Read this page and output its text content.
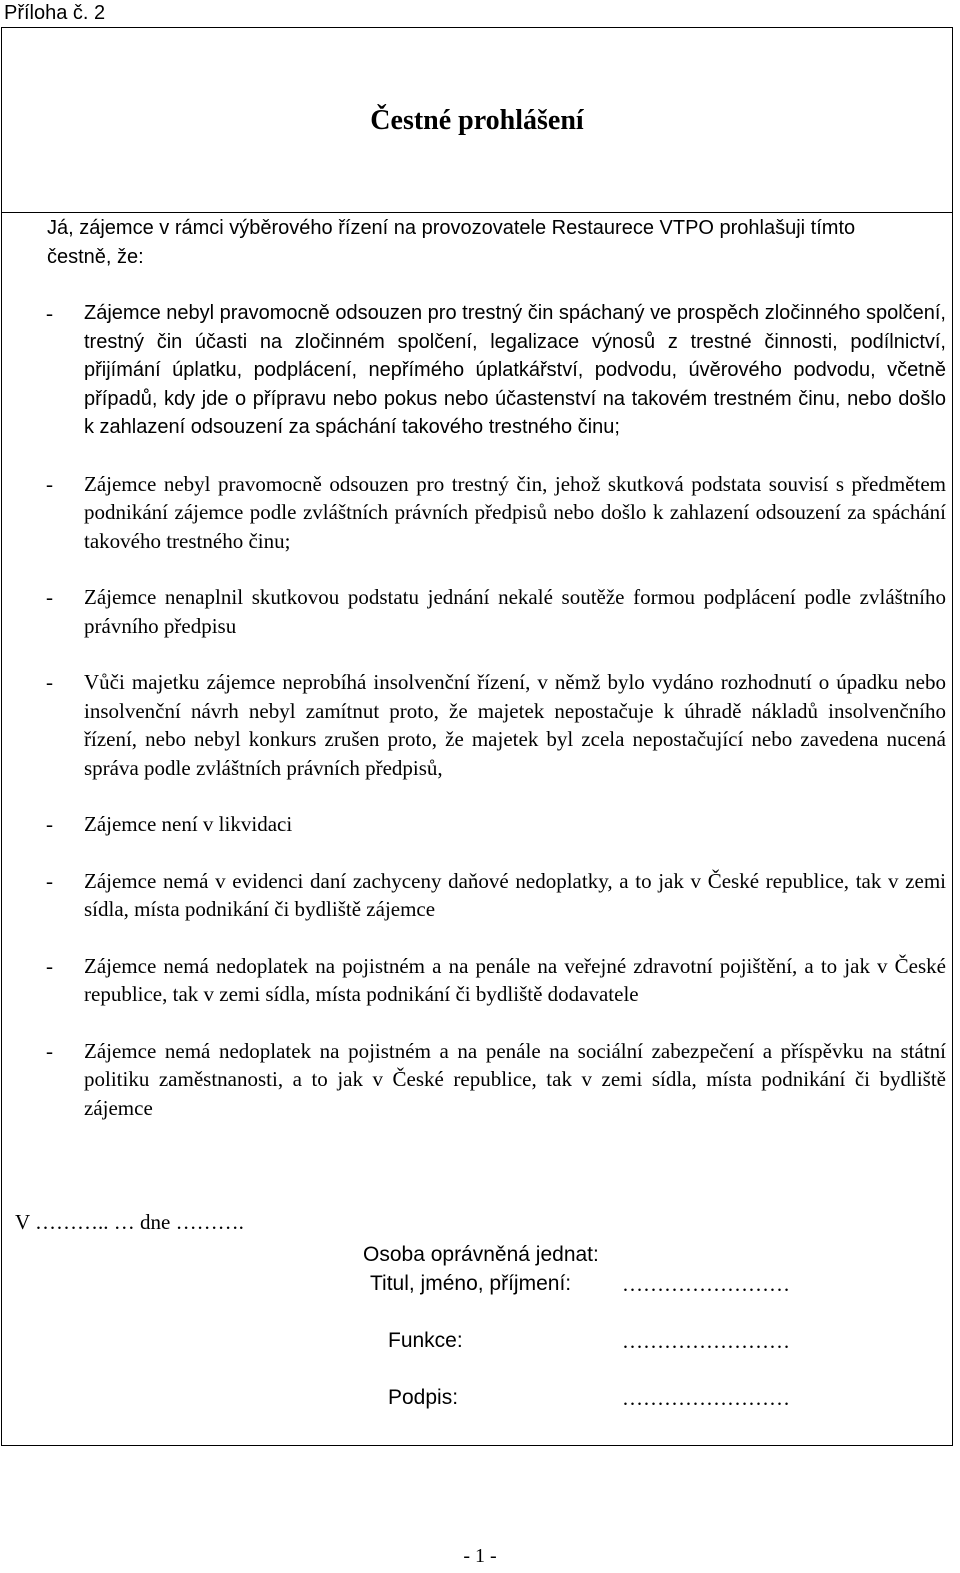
Příloha č. 2
Čestné prohlášení
Já, zájemce v rámci výběrového řízení na provozovatele Restaurece VTPO prohlašuji tímto čestně, že:
-	Zájemce nebyl pravomocně odsouzen pro trestný čin spáchaný ve prospěch zločinného spolčení, trestný čin účasti na zločinném spolčení, legalizace výnosů z trestné činnosti, podílnictví, přijímání úplatku, podplácení, nepřímého úplatkářství, podvodu, úvěrového podvodu, včetně případů, kdy jde o přípravu nebo pokus nebo účastenství na takovém trestném činu, nebo došlo k zahlazení odsouzení za spáchání takového trestného činu;
-	Zájemce nebyl pravomocně odsouzen pro trestný čin, jehož skutková podstata souvisí s předmětem podnikání zájemce podle zvláštních právních předpisů nebo došlo k zahlazení odsouzení za spáchání takového trestného činu;
-	Zájemce nenaplnil skutkovou podstatu jednání nekalé soutěže formou podplácení podle zvláštního právního předpisu
-	Vůči majetku zájemce neprobíhá insolvenční řízení, v němž bylo vydáno rozhodnutí o úpadku nebo insolvenční návrh nebyl zamítnut proto, že majetek nepostačuje k úhradě nákladů insolvenčního řízení, nebo nebyl konkurs zrušen proto, že majetek byl zcela nepostačující nebo zavedena nucená správa podle zvláštních právních předpisů,
-	Zájemce není v likvidaci
-	Zájemce nemá v evidenci daní zachyceny daňové nedoplatky, a to jak v České republice, tak v zemi sídla, místa podnikání či bydliště zájemce
-	Zájemce nemá nedoplatek na pojistném a na penále na veřejné zdravotní pojištění, a to jak v České republice, tak v zemi sídla, místa podnikání či bydliště dodavatele
-	Zájemce nemá nedoplatek na pojistném a na penále na sociální zabezpečení a příspěvku na státní politiku zaměstnanosti, a to jak v České republice, tak v zemi sídla, místa podnikání či bydliště zájemce
V ……….. … dne ……….
Osoba oprávněná jednat:
Titul, jméno, příjmení: ……………………
Funkce:	……………………
Podpis:	……………………
- 1 -
